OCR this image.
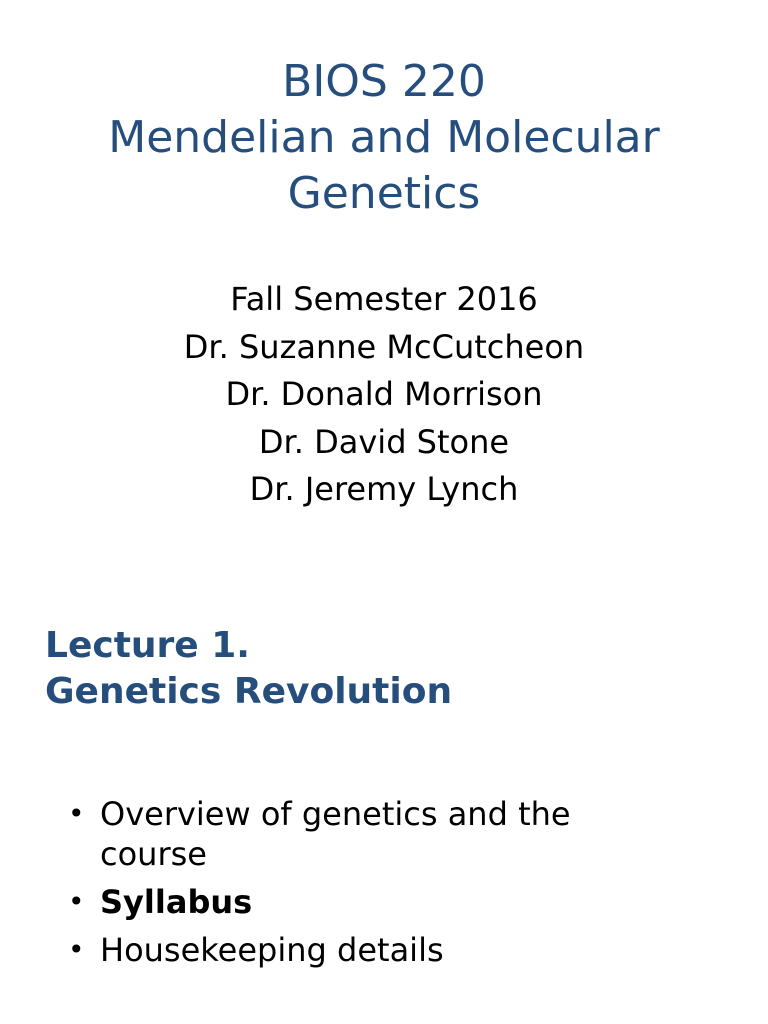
BIOS 220
Mendelian and Molecular
Genetics
Fall Semester 2016
Dr. Suzanne McCutcheon
Dr. Donald Morrison
Dr. David Stone
Dr. Jeremy Lynch
Lecture 1.
Genetics Revolution
• Overview of genetics and the course
• Syllabus
• Housekeeping details
